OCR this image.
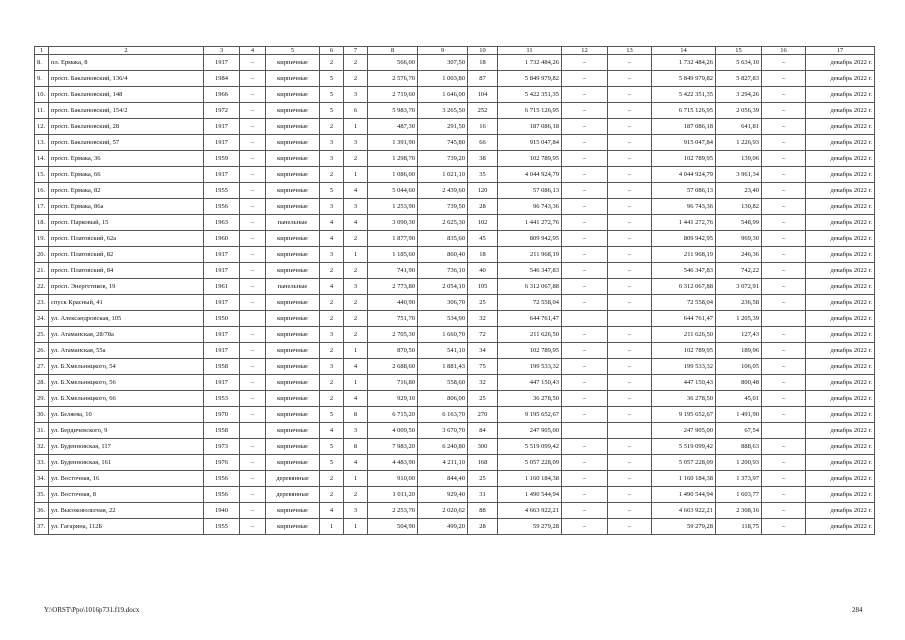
1	2	3	4	5	6	7	8	9	10	11	12	13	14	15	16	17
8.	пл. Ермака, 8	1917	–	кирпичные	2	2	566,00	307,50	18	1 732 484,26	–	–	1 732 484,26	5 634,10	–	декабрь 2022 г.
9.	просп. Баклановский, 136/4	1984	–	кирпичные	5	2	2 576,70	1 003,80	87	5 849 979,82	–	–	5 849 979,82	5 827,83	–	декабрь 2022 г.
10.	просп. Баклановский, 148	1966	–	кирпичные	5	3	2 719,60	1 646,00	104	5 422 351,35	–	–	5 422 351,35	3 294,26	–	декабрь 2022 г.
11.	просп. Баклановский, 154/2	1972	–	кирпичные	5	6	5 983,70	3 265,50	252	6 715 126,95	–	–	6 715 126,95	2 056,39	–	декабрь 2022 г.
12.	просп. Баклановский, 28	1917	–	кирпичные	2	1	487,30	291,50	16	187 086,18	–	–	187 086,18	641,81	–	декабрь 2022 г.
13.	просп. Баклановский, 57	1917	–	кирпичные	3	3	1 391,90	745,80	66	915 047,84	–	–	915 047,84	1 226,93	–	декабрь 2022 г.
14.	просп. Ермака, 36	1959	–	кирпичные	3	2	1 298,70	739,20	38	102 789,95	–	–	102 789,95	139,06	–	декабрь 2022 г.
15.	просп. Ермака, 66	1917	–	кирпичные	2	1	1 086,00	1 021,10	35	4 044 924,79	–	–	4 044 924,79	3 961,34	–	декабрь 2022 г.
16.	просп. Ермака, 82	1955	–	кирпичные	5	4	5 044,60	2 439,60	120	57 086,13	–	–	57 086,13	23,40	–	декабрь 2022 г.
17.	просп. Ермака, 86а	1956	–	кирпичные	3	3	1 253,90	739,50	28	96 743,36	–	–	96 743,36	130,82	–	декабрь 2022 г.
18.	просп. Парковый, 15	1963	–	панельные	4	4	3 090,30	2 625,30	102	1 441 272,76	–	–	1 441 272,76	548,99	–	декабрь 2022 г.
19.	просп. Платовский, 62а	1960	–	кирпичные	4	2	1 877,90	835,60	45	809 942,95	–	–	809 942,95	969,30	–	декабрь 2022 г.
20.	просп. Платовский, 82	1917	–	кирпичные	3	1	1 185,60	860,40	18	211 968,19	–	–	211 968,19	246,36	–	декабрь 2022 г.
21.	просп. Платовский, 84	1917	–	кирпичные	2	2	741,90	736,10	40	546 347,83	–	–	546 347,83	742,22	–	декабрь 2022 г.
22.	просп. Энергетиков, 19	1961	–	панельные	4	3	2 773,80	2 054,10	105	6 312 067,88	–	–	6 312 067,88	3 072,91	–	декабрь 2022 г.
23.	спуск Красный, 41	1917	–	кирпичные	2	2	440,90	306,70	25	72 558,04	–	–	72 558,04	236,58	–	декабрь 2022 г.
24.	ул. Александровская, 105	1950		кирпичные	2	2	751,70	534,90	32	644 761,47			644 761,47	1 205,39		декабрь 2022 г.
25.	ул. Атаманская, 28/78а	1917	–	кирпичные	3	2	2 705,30	1 660,70	72	211 626,50	–	–	211 626,50	127,43	–	декабрь 2022 г.
26.	ул. Атаманская, 55а	1917	–	кирпичные	2	1	870,50	541,10	34	102 789,95	–	–	102 789,95	189,96	–	декабрь 2022 г.
27.	ул. Б.Хмельницкого, 54	1958	–	кирпичные	3	4	2 688,60	1 881,43	75	199 533,32	–	–	199 533,32	106,05	–	декабрь 2022 г.
28.	ул. Б.Хмельницкого, 56	1917	–	кирпичные	2	1	716,80	558,60	32	447 150,43	–	–	447 150,43	800,48	–	декабрь 2022 г.
29.	ул. Б.Хмельницкого, 66	1953	–	кирпичные	2	4	929,10	806,00	25	36 278,50	–	–	36 278,50	45,01	–	декабрь 2022 г.
30.	ул. Беляева, 10	1970	–	кирпичные	5	8	6 715,20	6 163,70	270	9 195 652,67	–	–	9 195 652,67	1 491,90	–	декабрь 2022 г.
31.	ул. Бердичевского, 9	1958		кирпичные	4	3	4 009,50	3 670,70	84	247 905,00			247 905,00	67,54		декабрь 2022 г.
32.	ул. Буденновская, 117	1973	–	кирпичные	5	8	7 983,20	6 240,80	300	5 519 099,42	–	–	5 519 099,42	888,63	–	декабрь 2022 г.
33.	ул. Буденновская, 161	1976	–	кирпичные	5	4	4 483,90	4 211,10	168	5 057 228,09	–	–	5 057 228,09	1 200,93	–	декабрь 2022 г.
34.	ул. Восточная, 16	1956	–	деревянные	2	1	910,00	844,40	25	1 160 184,38	–	–	1 160 184,38	1 373,97	–	декабрь 2022 г.
35.	ул. Восточная, 8	1956	–	деревянные	2	2	1 011,20	929,40	31	1 490 544,94	–	–	1 490 544,94	1 603,77	–	декабрь 2022 г.
36.	ул. Высоковольтная, 22	1940	–	кирпичные	4	3	2 253,70	2 020,62	88	4 663 922,21	–	–	4 663 922,21	2 308,16	–	декабрь 2022 г.
37.	ул. Гагарина, 112Б	1955	–	кирпичные	1	1	504,90	499,20	28	59 279,28	–	–	59 279,28	118,75	–	декабрь 2022 г.
Y:\ORST\Ppo\1016p731.f19.docx	284
